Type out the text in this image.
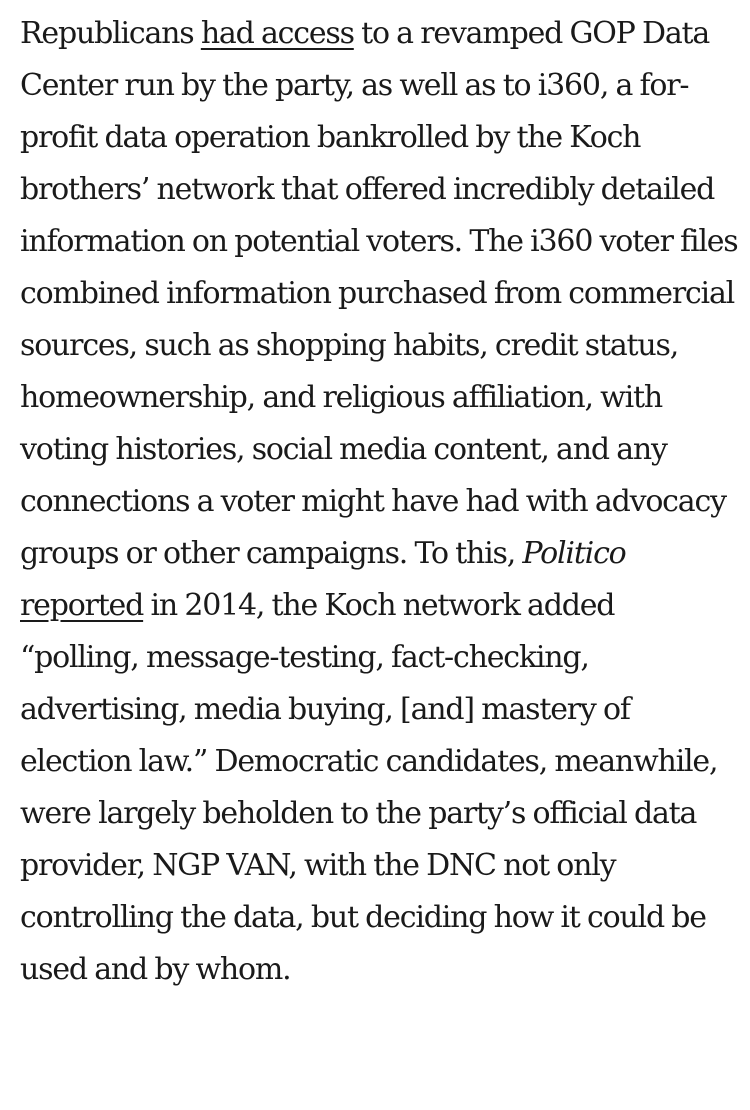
Republicans had access to a revamped GOP Data Center run by the party, as well as to i360, a for-profit data operation bankrolled by the Koch brothers’ network that offered incredibly detailed information on potential voters. The i360 voter files combined information purchased from commercial sources, such as shopping habits, credit status, homeownership, and religious affiliation, with voting histories, social media content, and any connections a voter might have had with advocacy groups or other campaigns. To this, Politico reported in 2014, the Koch network added “polling, message-testing, fact-checking, advertising, media buying, [and] mastery of election law.” Democratic candidates, meanwhile, were largely beholden to the party’s official data provider, NGP VAN, with the DNC not only controlling the data, but deciding how it could be used and by whom.
